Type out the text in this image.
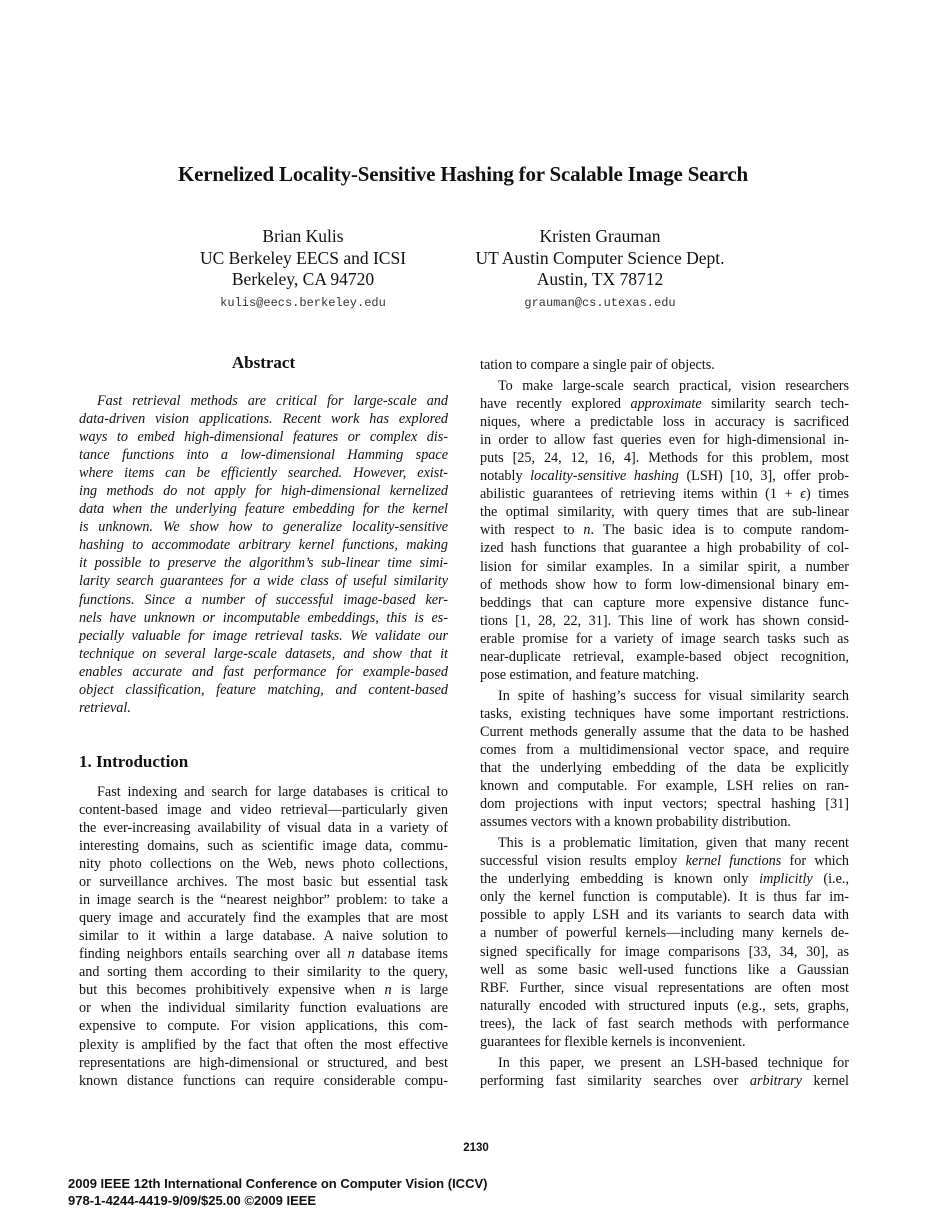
Kernelized Locality-Sensitive Hashing for Scalable Image Search
Brian Kulis
UC Berkeley EECS and ICSI
Berkeley, CA 94720
kulis@eecs.berkeley.edu
Kristen Grauman
UT Austin Computer Science Dept.
Austin, TX 78712
grauman@cs.utexas.edu
Abstract
Fast retrieval methods are critical for large-scale and
data-driven vision applications. Recent work has explored
ways to embed high-dimensional features or complex dis-
tance functions into a low-dimensional Hamming space
where items can be efficiently searched. However, exist-
ing methods do not apply for high-dimensional kernelized
data when the underlying feature embedding for the kernel
is unknown. We show how to generalize locality-sensitive
hashing to accommodate arbitrary kernel functions, making
it possible to preserve the algorithm’s sub-linear time simi-
larity search guarantees for a wide class of useful similarity
functions. Since a number of successful image-based ker-
nels have unknown or incomputable embeddings, this is es-
pecially valuable for image retrieval tasks. We validate our
technique on several large-scale datasets, and show that it
enables accurate and fast performance for example-based
object classification, feature matching, and content-based
retrieval.
1. Introduction
Fast indexing and search for large databases is critical to
content-based image and video retrieval—particularly given
the ever-increasing availability of visual data in a variety of
interesting domains, such as scientific image data, commu-
nity photo collections on the Web, news photo collections,
or surveillance archives. The most basic but essential task
in image search is the “nearest neighbor” problem: to take a
query image and accurately find the examples that are most
similar to it within a large database. A naive solution to
finding neighbors entails searching over all n database items
and sorting them according to their similarity to the query,
but this becomes prohibitively expensive when n is large
or when the individual similarity function evaluations are
expensive to compute. For vision applications, this com-
plexity is amplified by the fact that often the most effective
representations are high-dimensional or structured, and best
known distance functions can require considerable compu-
tation to compare a single pair of objects.
To make large-scale search practical, vision researchers
have recently explored approximate similarity search tech-
niques, where a predictable loss in accuracy is sacrificed
in order to allow fast queries even for high-dimensional in-
puts [25, 24, 12, 16, 4]. Methods for this problem, most
notably locality-sensitive hashing (LSH) [10, 3], offer prob-
abilistic guarantees of retrieving items within (1 + ϵ) times
the optimal similarity, with query times that are sub-linear
with respect to n. The basic idea is to compute random-
ized hash functions that guarantee a high probability of col-
lision for similar examples. In a similar spirit, a number
of methods show how to form low-dimensional binary em-
beddings that can capture more expensive distance func-
tions [1, 28, 22, 31]. This line of work has shown consid-
erable promise for a variety of image search tasks such as
near-duplicate retrieval, example-based object recognition,
pose estimation, and feature matching.
In spite of hashing’s success for visual similarity search
tasks, existing techniques have some important restrictions.
Current methods generally assume that the data to be hashed
comes from a multidimensional vector space, and require
that the underlying embedding of the data be explicitly
known and computable. For example, LSH relies on ran-
dom projections with input vectors; spectral hashing [31]
assumes vectors with a known probability distribution.
This is a problematic limitation, given that many recent
successful vision results employ kernel functions for which
the underlying embedding is known only implicitly (i.e.,
only the kernel function is computable). It is thus far im-
possible to apply LSH and its variants to search data with
a number of powerful kernels—including many kernels de-
signed specifically for image comparisons [33, 34, 30], as
well as some basic well-used functions like a Gaussian
RBF. Further, since visual representations are often most
naturally encoded with structured inputs (e.g., sets, graphs,
trees), the lack of fast search methods with performance
guarantees for flexible kernels is inconvenient.
In this paper, we present an LSH-based technique for
performing fast similarity searches over arbitrary kernel
2130
2009 IEEE 12th International Conference on Computer Vision (ICCV)
978-1-4244-4419-9/09/$25.00 ©2009 IEEE
